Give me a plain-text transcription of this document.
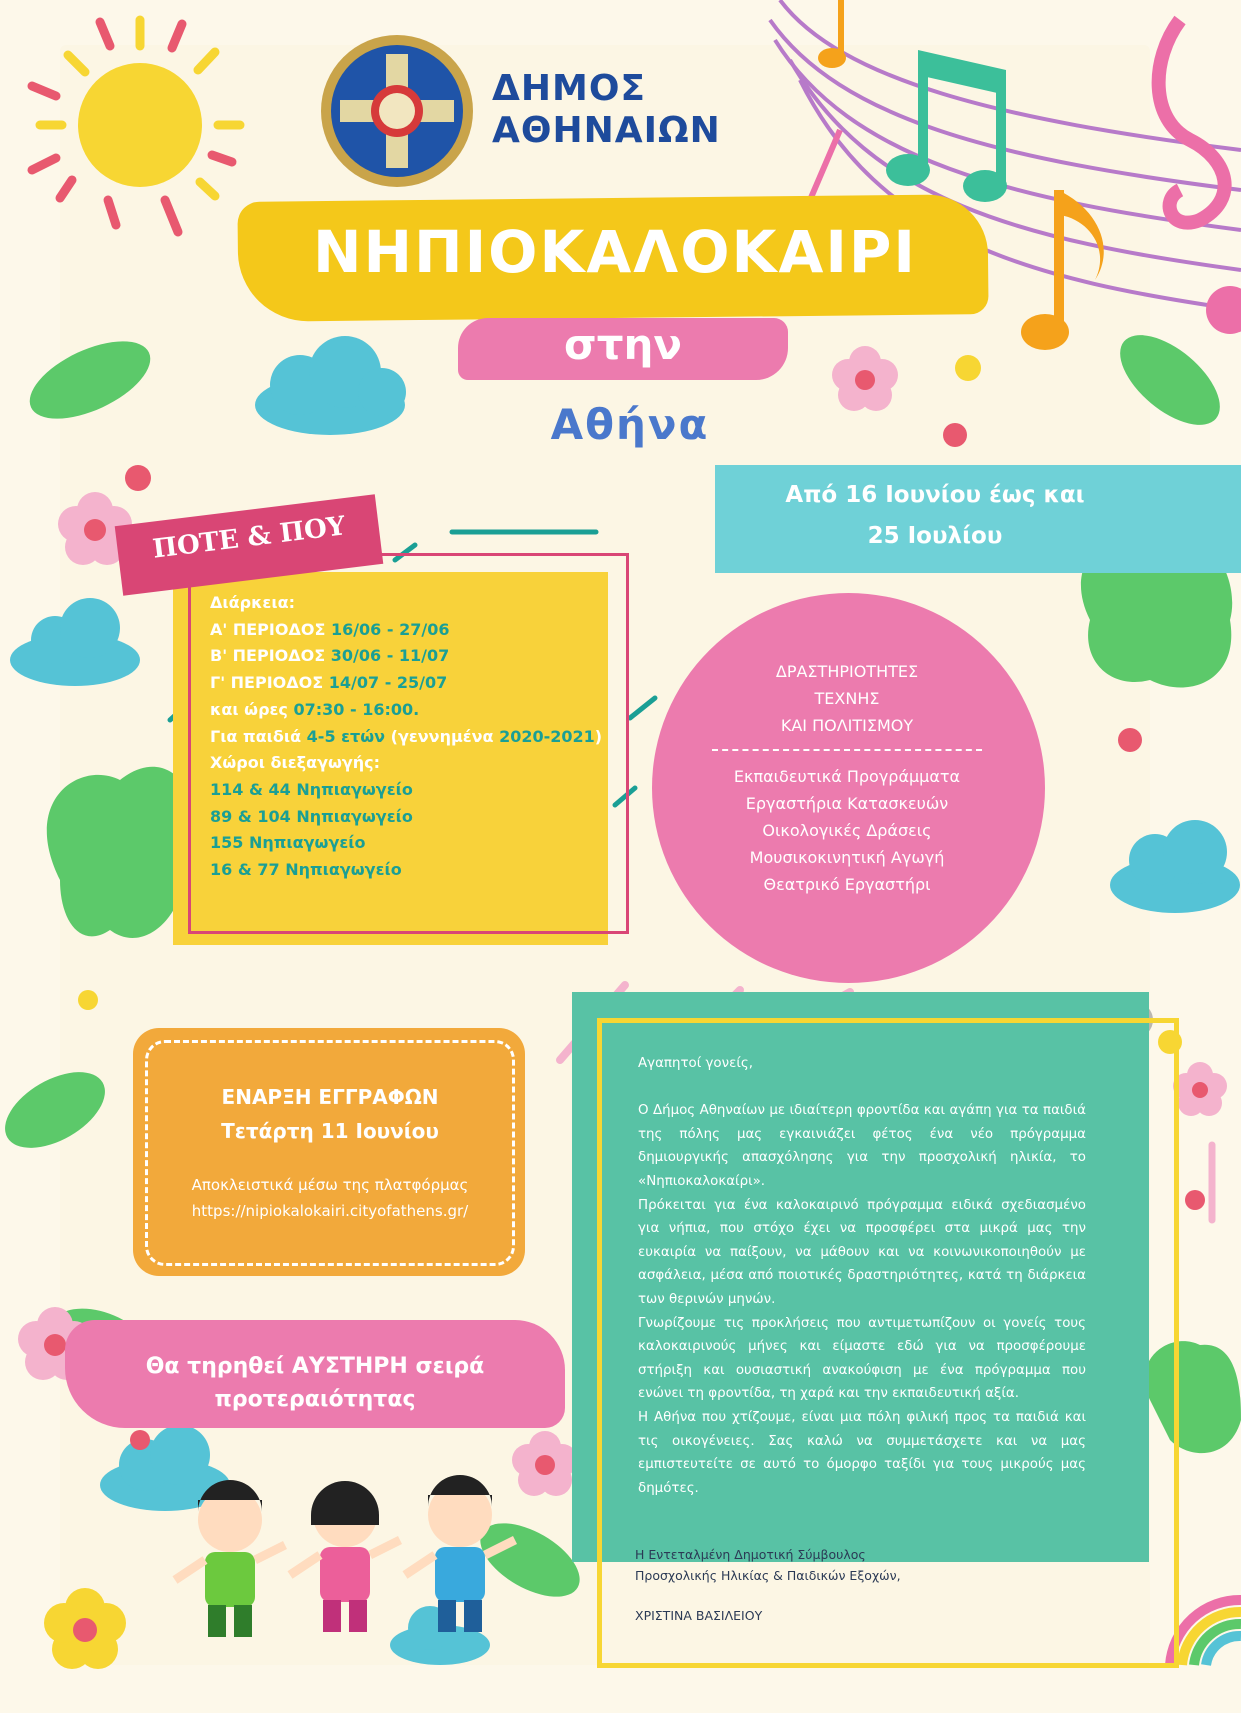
ΔΗΜΟΣ
ΑΘΗΝΑΙΩΝ
ΝΗΠΙΟΚΑΛΟΚΑΙΡΙ
στην
Αθήνα
Από 16 Ιουνίου έως και
25 Ιουλίου
ΠΟΤΕ & ΠΟΥ
Διάρκεια:
Α' ΠΕΡΙΟΔΟΣ 16/06 - 27/06
Β' ΠΕΡΙΟΔΟΣ 30/06 - 11/07
Γ' ΠΕΡΙΟΔΟΣ 14/07 - 25/07
και ώρες 07:30 - 16:00.
Για παιδιά 4-5 ετών (γεννημένα 2020-2021)
Χώροι διεξαγωγής:
114 & 44 Νηπιαγωγείο
89 & 104 Νηπιαγωγείο
155 Νηπιαγωγείο
16 & 77 Νηπιαγωγείο
ΔΡΑΣΤΗΡΙΟΤΗΤΕΣ
ΤΕΧΝΗΣ
ΚΑΙ ΠΟΛΙΤΙΣΜΟΥ
Εκπαιδευτικά Προγράμματα
Εργαστήρια Κατασκευών
Οικολογικές Δράσεις
Μουσικοκινητική Αγωγή
Θεατρικό Εργαστήρι
ΕΝΑΡΞΗ ΕΓΓΡΑΦΩΝ
Τετάρτη 11 Ιουνίου
Αποκλειστικά μέσω της πλατφόρμας
https://nipiokalokairi.cityofathens.gr/
Θα τηρηθεί ΑΥΣΤΗΡΗ σειρά
προτεραιότητας

Αγαπητοί γονείς,

Ο Δήμος Αθηναίων με ιδιαίτερη φροντίδα και αγάπη για τα παιδιά της πόλης μας εγκαινιάζει φέτος ένα νέο πρόγραμμα δημιουργικής απασχόλησης για την προσχολική ηλικία, το «Νηπιοκαλοκαίρι».

Πρόκειται για ένα καλοκαιρινό πρόγραμμα ειδικά σχεδιασμένο για νήπια, που στόχο έχει να προσφέρει στα μικρά μας την ευκαιρία να παίξουν, να μάθουν και να κοινωνικοποιηθούν με ασφάλεια, μέσα από ποιοτικές δραστηριότητες, κατά τη διάρκεια των θερινών μηνών.

Γνωρίζουμε τις προκλήσεις που αντιμετωπίζουν οι γονείς τους καλοκαιρινούς μήνες και είμαστε εδώ για να προσφέρουμε στήριξη και ουσιαστική ανακούφιση με ένα πρόγραμμα που ενώνει τη φροντίδα, τη χαρά και την εκπαιδευτική αξία.

Η Αθήνα που χτίζουμε, είναι μια πόλη φιλική προς τα παιδιά και τις οικογένειες. Σας καλώ να συμμετάσχετε και να μας εμπιστευτείτε σε αυτό το όμορφο ταξίδι για τους μικρούς μας δημότες.

Η Εντεταλμένη Δημοτική Σύμβουλος
Προσχολικής Ηλικίας & Παιδικών Εξοχών,
ΧΡΙΣΤΙΝΑ ΒΑΣΙΛΕΙΟΥ
